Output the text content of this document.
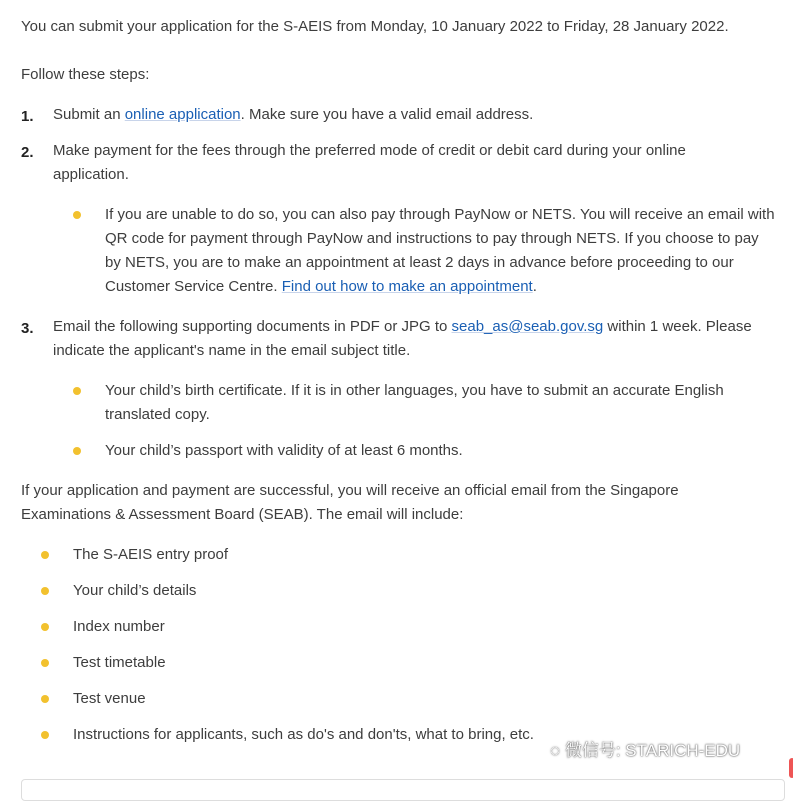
You can submit your application for the S-AEIS from Monday, 10 January 2022 to Friday, 28 January 2022.
Follow these steps:
1. Submit an online application. Make sure you have a valid email address.
2. Make payment for the fees through the preferred mode of credit or debit card during your online application.
If you are unable to do so, you can also pay through PayNow or NETS. You will receive an email with QR code for payment through PayNow and instructions to pay through NETS. If you choose to pay by NETS, you are to make an appointment at least 2 days in advance before proceeding to our Customer Service Centre. Find out how to make an appointment.
3. Email the following supporting documents in PDF or JPG to seab_as@seab.gov.sg within 1 week. Please indicate the applicant's name in the email subject title.
Your child’s birth certificate. If it is in other languages, you have to submit an accurate English translated copy.
Your child’s passport with validity of at least 6 months.
If your application and payment are successful, you will receive an official email from the Singapore Examinations & Assessment Board (SEAB). The email will include:
The S-AEIS entry proof
Your child’s details
Index number
Test timetable
Test venue
Instructions for applicants, such as do's and don'ts, what to bring, etc.
◌ 微信号: STARICH-EDU
